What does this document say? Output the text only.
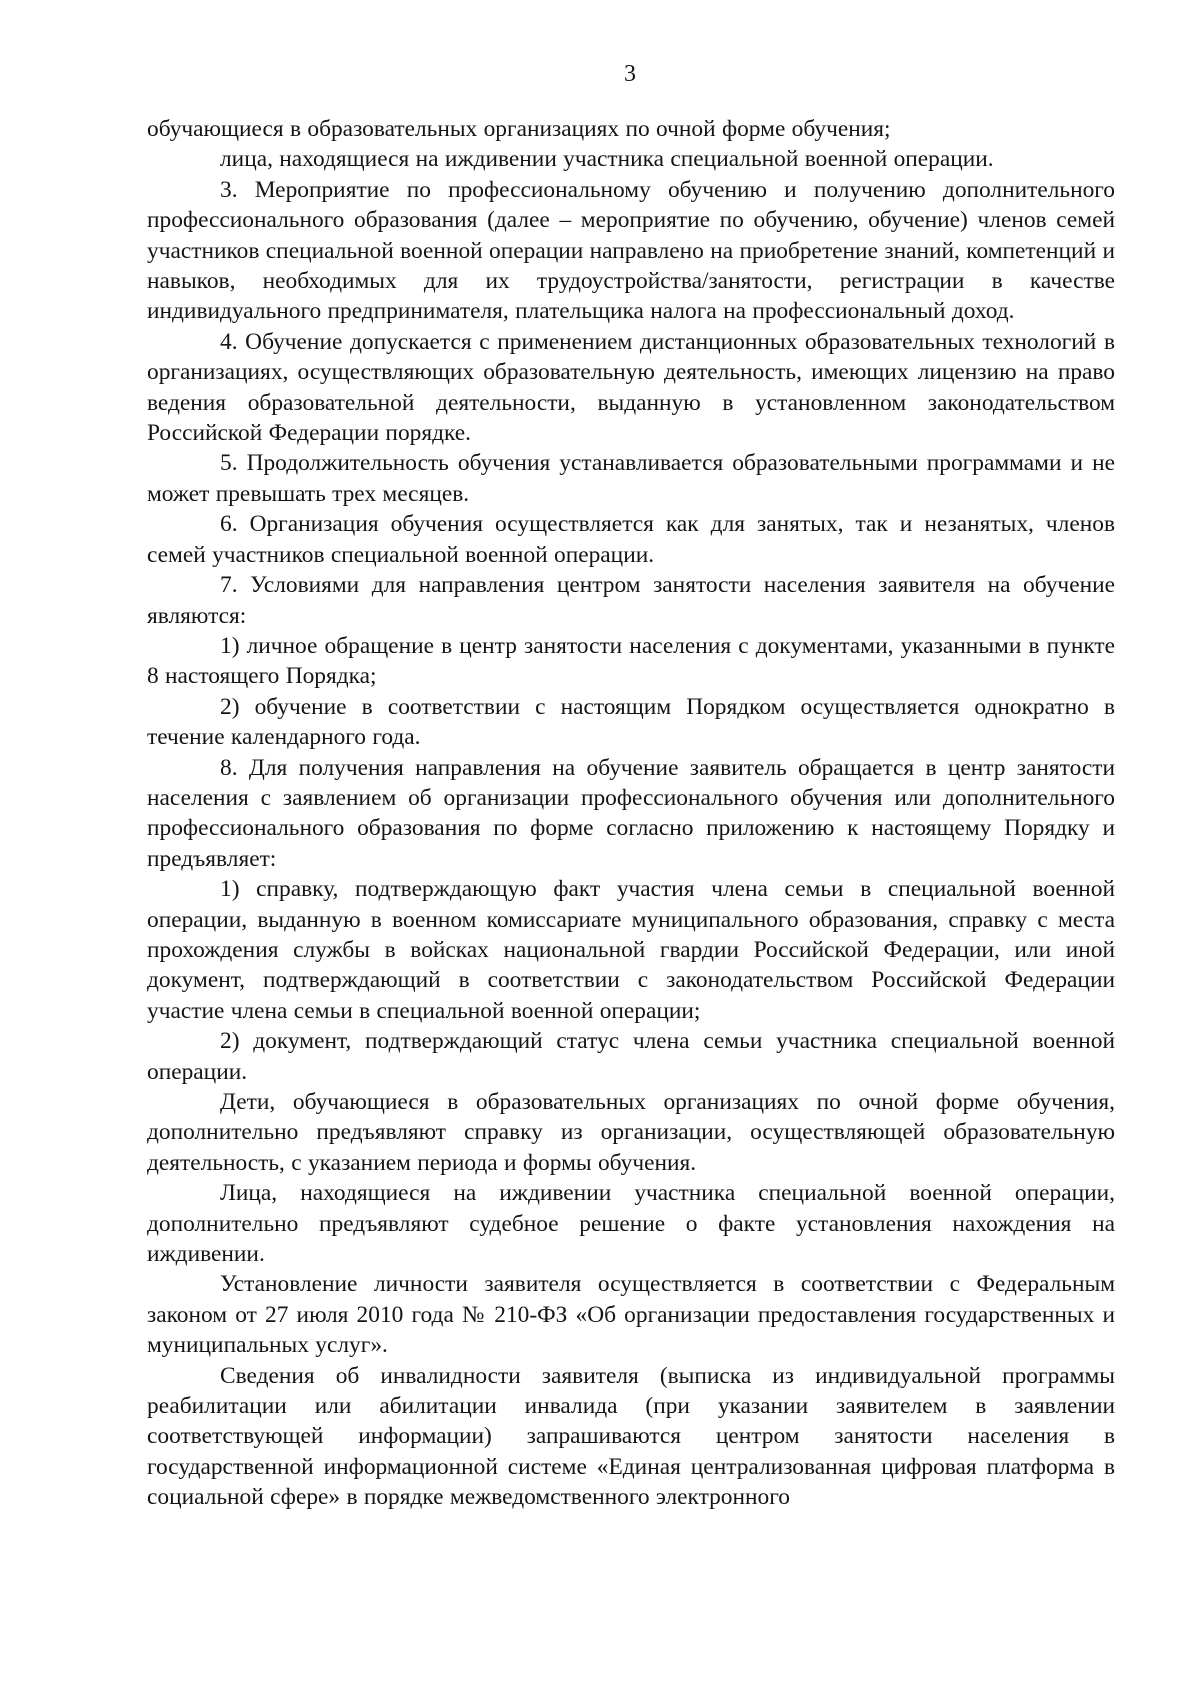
3

обучающиеся в образовательных организациях по очной форме обучения;

лица, находящиеся на иждивении участника специальной военной операции.

3. Мероприятие по профессиональному обучению и получению дополнительного профессионального образования (далее – мероприятие по обучению, обучение) членов семей участников специальной военной операции направлено на приобретение знаний, компетенций и навыков, необходимых для их трудоустройства/занятости, регистрации в качестве индивидуального предпринимателя, плательщика налога на профессиональный доход.

4. Обучение допускается с применением дистанционных образовательных технологий в организациях, осуществляющих образовательную деятельность, имеющих лицензию на право ведения образовательной деятельности, выданную в установленном законодательством Российской Федерации порядке.

5. Продолжительность обучения устанавливается образовательными программами и не может превышать трех месяцев.

6. Организация обучения осуществляется как для занятых, так и незанятых, членов семей участников специальной военной операции.

7. Условиями для направления центром занятости населения заявителя на обучение являются:

1) личное обращение в центр занятости населения с документами, указанными в пункте 8 настоящего Порядка;

2) обучение в соответствии с настоящим Порядком осуществляется однократно в течение календарного года.

8. Для получения направления на обучение заявитель обращается в центр занятости населения с заявлением об организации профессионального обучения или дополнительного профессионального образования по форме согласно приложению к настоящему Порядку и предъявляет:

1) справку, подтверждающую факт участия члена семьи в специальной военной операции, выданную в военном комиссариате муниципального образования, справку с места прохождения службы в войсках национальной гвардии Российской Федерации, или иной документ, подтверждающий в соответствии с законодательством Российской Федерации участие члена семьи в специальной военной операции;

2) документ, подтверждающий статус члена семьи участника специальной военной операции.

Дети, обучающиеся в образовательных организациях по очной форме обучения, дополнительно предъявляют справку из организации, осуществляющей образовательную деятельность, с указанием периода и формы обучения.

Лица, находящиеся на иждивении участника специальной военной операции, дополнительно предъявляют судебное решение о факте установления нахождения на иждивении.

Установление личности заявителя осуществляется в соответствии с Федеральным законом от 27 июля 2010 года № 210-ФЗ «Об организации предоставления государственных и муниципальных услуг».

Сведения об инвалидности заявителя (выписка из индивидуальной программы реабилитации или абилитации инвалида (при указании заявителем в заявлении соответствующей информации) запрашиваются центром занятости населения в государственной информационной системе «Единая централизованная цифровая платформа в социальной сфере» в порядке межведомственного электронного
